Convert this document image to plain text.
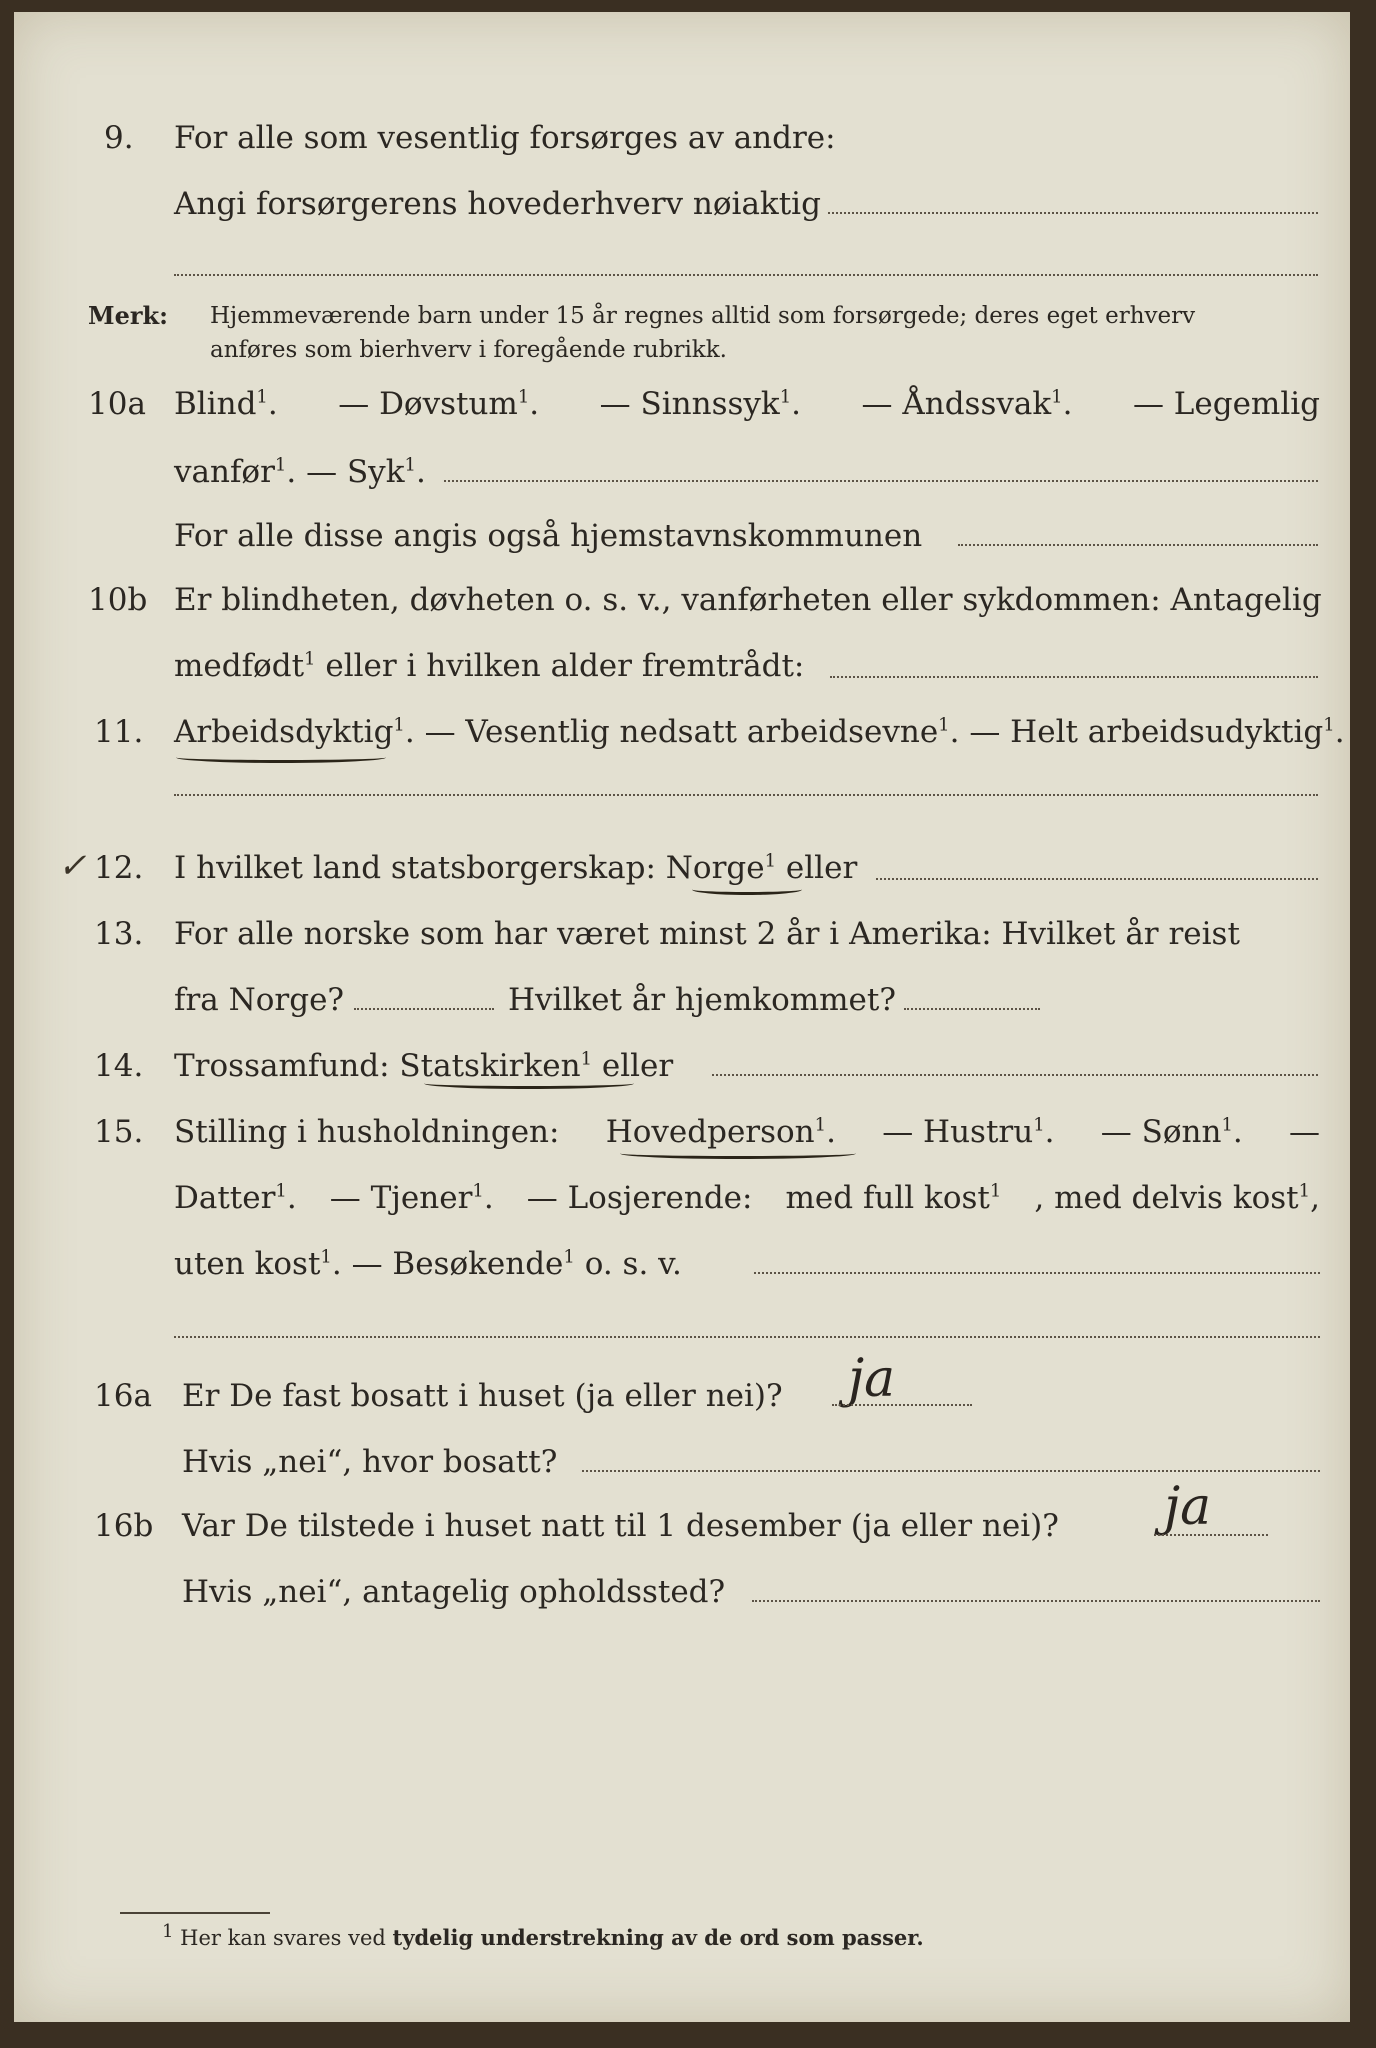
9. For alle som vesentlig forsørges av andre:
Angi forsørgerens hovederhverv nøiaktig
Merk: Hjemmeværende barn under 15 år regnes alltid som forsørgede; deres eget erhverv
anføres som bierhverv i foregående rubrikk.
10a Blind$^1$. — Døvstum$^1$. — Sinnssyk$^1$. — Åndssvak$^1$. — Legemlig
vanfør$^1$. — Syk$^1$.
For alle disse angis også hjemstavnskommunen
10b Er blindheten, døvheten o. s. v., vanførheten eller sykdommen: Antagelig
medfødt$^1$ eller i hvilken alder fremtrådt:
11. Arbeidsdyktig$^1$. — Vesentlig nedsatt arbeidsevne$^1$. — Helt arbeidsudyktig$^1$.
✓ 12. I hvilket land statsborgerskap: Norge$^1$ eller
13. For alle norske som har været minst 2 år i Amerika: Hvilket år reist
fra Norge?	Hvilket år hjemkommet?
14. Trossamfund: Statskirken$^1$ eller
15. Stilling i husholdningen: Hovedperson$^1$. — Hustru$^1$. — Sønn$^1$. —
Datter$^1$. — Tjener$^1$. — Losjerende: med full kost$^1$ , med delvis kost$^1$,
uten kost$^1$. — Besøkende$^1$ o. s. v.
16a Er De fast bosatt i huset (ja eller nei)? ja
Hvis „nei“, hvor bosatt?
16b Var De tilstede i huset natt til 1 desember (ja eller nei)? ja
Hvis „nei“, antagelig opholdssted?
1 Her kan svares ved tydelig understrekning av de ord som passer.
